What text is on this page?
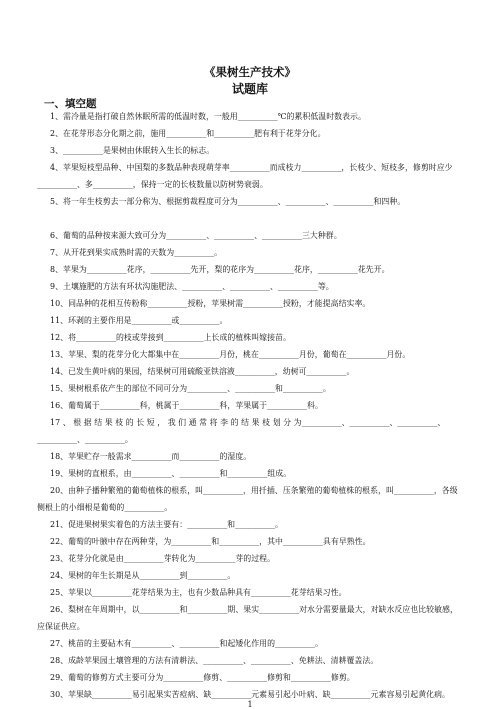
《果树生产技术》
试题库
一、填空题
1、需冷量是指打破自然休眠所需的低温时数，一般用__________℃的累积低温时数表示。
2、在花芽形态分化期之前，施用__________和__________肥有利于花芽分化。
3、__________是果树由休眠转入生长的标志。
4、苹果短枝型品种、中国梨的多数品种表现萌芽率__________而成枝力__________，长枝少、短枝多，修剪时应少__________、多__________，保持一定的长枝数量以防树势衰弱。
5、将一年生枝剪去一部分称为、根据剪裁程度可分为__________、__________、__________和四种。
6、葡萄的品种按来源大致可分为__________、__________、__________三大种群。
7、从开花到果实成熟时需的天数为__________。
8、苹果为__________花序，__________先开，梨的花序为__________花序，__________花先开。
9、土壤施肥的方法有环状沟施肥法、__________、__________、__________等。
10、同品种的花相互传粉称__________授粉，苹果树需__________授粉，才能提高结实率。
11、环剥的主要作用是__________或__________。
12、将__________的枝或芽接到__________上长成的植株叫嫁接苗。
13、苹果、梨的花芽分化大都集中在__________月份，桃在__________月份，葡萄在__________月份。
14、已发生黄叶病的果园，结果树可用硫酸亚铁溶液__________，幼树可__________。
15、果树根系依产生的部位不同可分为__________、__________和__________。
16、葡萄属于__________科，桃属于__________科，苹果属于__________科。
17 、 根 据 结 果 枝 的 长 短 ， 我 们 通 常 将 李 的 结 果 枝 划 分 为__________、__________、__________、__________、__________。
18、苹果贮存一般需求__________而__________的湿度。
19、果树的直根系，由__________、__________和__________组成。
20、由种子播种繁殖的葡萄植株的根系，叫__________，用扦插、压条繁殖的葡萄植株的根系，叫__________，各级侧根上的小细根是葡萄的__________。
21、促进果树果实着色的方法主要有：__________和__________。
22、葡萄的叶腋中存在两种芽，为__________和__________，其中__________具有早熟性。
23、花芽分化就是由__________芽转化为__________芽的过程。
24、果树的年生长期是从__________到__________。
25、苹果以__________花芽结果为主，也有少数品种具有__________花芽结果习性。
26、梨树在年周期中，以__________和__________期、果实__________对水分需要量最大，对缺水反应也比较敏感，应保证供应。
27、桃苗的主要砧木有__________、__________和起矮化作用的__________。
28、成龄苹果园土壤管理的方法有清耕法、__________、__________、免耕法、清耕覆盖法。
29、葡萄的修剪方式主要可分为__________修剪、__________修剪和__________修剪。
30、苹果缺__________易引起果实苦痘病、缺__________元素易引起小叶病、缺__________元素容易引起黄化病。
1
